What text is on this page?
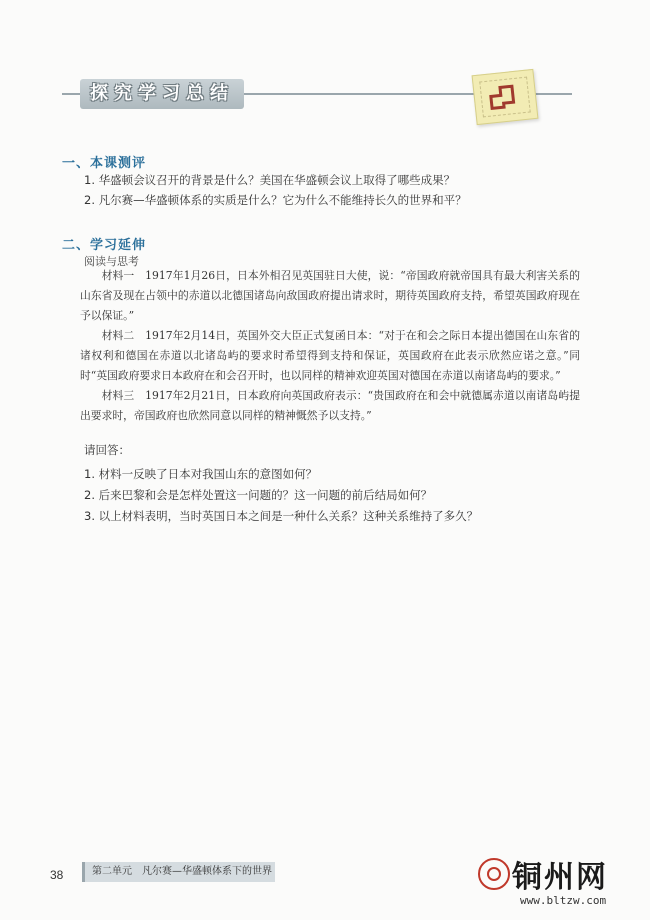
探究学习总结
一、本课测评
1. 华盛顿会议召开的背景是什么？美国在华盛顿会议上取得了哪些成果？
2. 凡尔赛—华盛顿体系的实质是什么？它为什么不能维持长久的世界和平？
二、学习延伸
阅读与思考
材料一　1917年1月26日，日本外相召见英国驻日大使，说：“帝国政府就帝国具有最大利害关系的山东省及现在占领中的赤道以北德国诸岛向敌国政府提出请求时，期待英国政府支持，希望英国政府现在予以保证。”
材料二　1917年2月14日，英国外交大臣正式复函日本：“对于在和会之际日本提出德国在山东省的诸权利和德国在赤道以北诸岛屿的要求时希望得到支持和保证，英国政府在此表示欣然应诺之意。”同时“英国政府要求日本政府在和会召开时，也以同样的精神欢迎英国对德国在赤道以南诸岛屿的要求。”
材料三　1917年2月21日，日本政府向英国政府表示：“贵国政府在和会中就德属赤道以南诸岛屿提出要求时，帝国政府也欣然同意以同样的精神慨然予以支持。”
请回答：
1. 材料一反映了日本对我国山东的意图如何？
2. 后来巴黎和会是怎样处置这一问题的？这一问题的前后结局如何？
3. 以上材料表明，当时英国日本之间是一种什么关系？这种关系维持了多久？
38	第二单元　凡尔赛—华盛顿体系下的世界	铜州网
www.bltzw.com
